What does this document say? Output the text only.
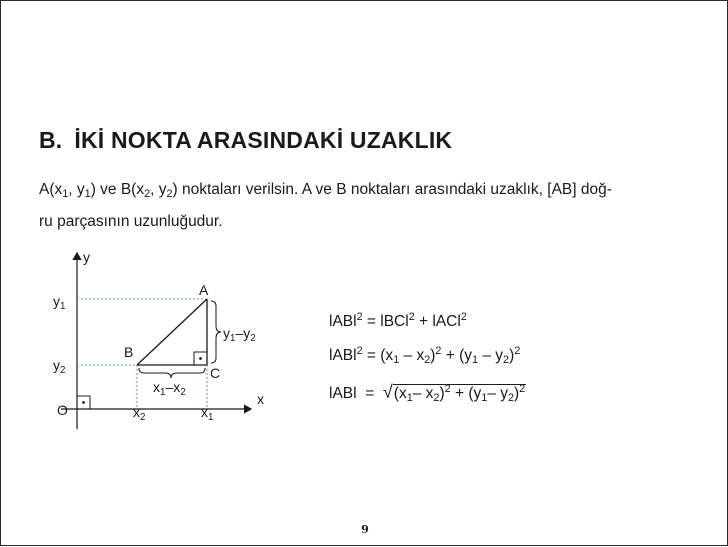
B. İKİ NOKTA ARASINDAKİ UZAKLIK
$A(x_1$, $y_1$) ve $B(x_2$, $y_2$) noktaları verilsin. A ve B noktaları arasındaki uzaklık, [AB] doğ-
ru parçasının uzunluğudur.
y
x
O
A
B
C
$y_1$
$y_2$
$x_2$	$x_1$
$y_1-y_2$
$x_1-x_2$
lABl$^2$ = lBCl$^2$ + lACl$^2$
lABl$^2$ = $(x_1 - x_2)^2 + (y_1 - y_2)^2$
lABl = $√(x_1-$ $x_2)^2 + (y_1-$ $y_2)^2$
9
